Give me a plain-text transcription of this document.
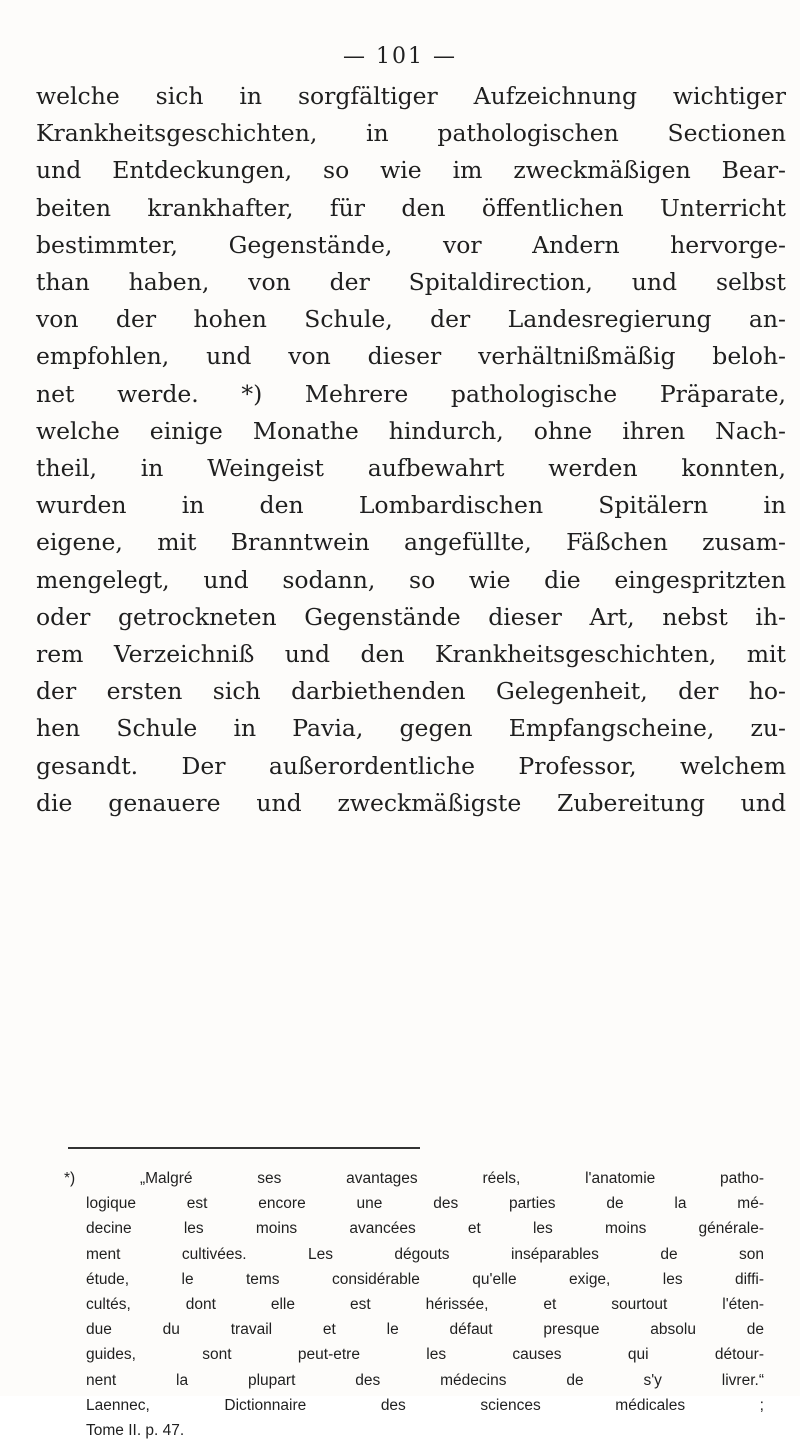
— 101 —
welche sich in sorgfältiger Aufzeichnung wichtiger
Krankheitsgeschichten, in pathologischen Sectionen
und Entdeckungen, so wie im zweckmäßigen Bear-
beiten krankhafter, für den öffentlichen Unterricht
bestimmter, Gegenstände, vor Andern hervorge-
than haben, von der Spitaldirection, und selbst
von der hohen Schule, der Landesregierung an-
empfohlen, und von dieser verhältnißmäßig beloh-
net werde. *) Mehrere pathologische Präparate,
welche einige Monathe hindurch, ohne ihren Nach-
theil, in Weingeist aufbewahrt werden konnten,
wurden in den Lombardischen Spitälern in
eigene, mit Branntwein angefüllte, Fäßchen zusam-
mengelegt, und sodann, so wie die eingespritzten
oder getrockneten Gegenstände dieser Art, nebst ih-
rem Verzeichniß und den Krankheitsgeschichten, mit
der ersten sich darbiethenden Gelegenheit, der ho-
hen Schule in Pavia, gegen Empfangscheine, zu-
gesandt. Der außerordentliche Professor, welchem
die genauere und zweckmäßigste Zubereitung und
*) „Malgré ses avantages réels, l'anatomie patho-
logique est encore une des parties de la mé-
decine les moins avancées et les moins générale-
ment cultivées. Les dégouts inséparables de son
étude, le tems considérable qu'elle exige, les diffi-
cultés, dont elle est hérissée, et sourtout l'éten-
due du travail et le défaut presque absolu de
guides, sont peut-etre les causes qui détour-
nent la plupart des médecins de s'y livrer.“
Laennec, Dictionnaire des sciences médicales ;
Tome II. p. 47.
